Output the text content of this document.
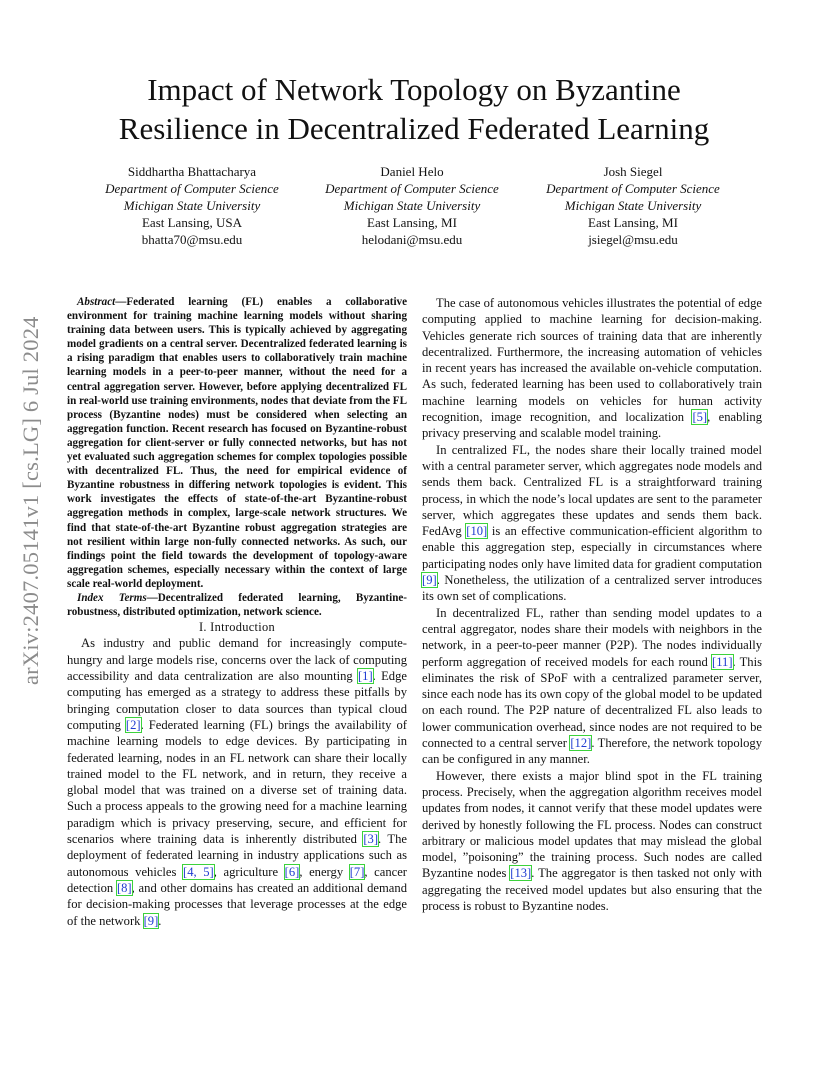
Impact of Network Topology on Byzantine
Resilience in Decentralized Federated Learning
Siddhartha Bhattacharya
Department of Computer Science
Michigan State University
East Lansing, USA
bhatta70@msu.edu
Daniel Helo
Department of Computer Science
Michigan State University
East Lansing, MI
helodani@msu.edu
Josh Siegel
Department of Computer Science
Michigan State University
East Lansing, MI
jsiegel@msu.edu
arXiv:2407.05141v1 [cs.LG] 6 Jul 2024

Abstract—Federated learning (FL) enables a collaborative environment for training machine learning models without sharing training data between users. This is typically achieved by aggregating model gradients on a central server. Decentralized federated learning is a rising paradigm that enables users to collaboratively train machine learning models in a peer-to-peer manner, without the need for a central aggregation server. However, before applying decentralized FL in real-world use training environments, nodes that deviate from the FL process (Byzantine nodes) must be considered when selecting an aggregation function. Recent research has focused on Byzantine-robust aggregation for client-server or fully connected networks, but has not yet evaluated such aggregation schemes for complex topologies possible with decentralized FL. Thus, the need for empirical evidence of Byzantine robustness in differing network topologies is evident. This work investigates the effects of state-of-the-art Byzantine-robust aggregation methods in complex, large-scale network structures. We find that state-of-the-art Byzantine robust aggregation strategies are not resilient within large non-fully connected networks. As such, our findings point the field towards the development of topology-aware aggregation schemes, especially necessary within the context of large scale real-world deployment.

Index Terms—Decentralized federated learning, Byzantine-robustness, distributed optimization, network science.

I. Introduction

As industry and public demand for increasingly compute-hungry and large models rise, concerns over the lack of computing accessibility and data centralization are also mounting [1]. Edge computing has emerged as a strategy to address these pitfalls by bringing computation closer to data sources than typical cloud computing [2]. Federated learning (FL) brings the availability of machine learning models to edge devices. By participating in federated learning, nodes in an FL network can share their locally trained model to the FL network, and in return, they receive a global model that was trained on a diverse set of training data. Such a process appeals to the growing need for a machine learning paradigm which is privacy preserving, secure, and efficient for scenarios where training data is inherently distributed [3]. The deployment of federated learning in industry applications such as autonomous vehicles [4, 5], agriculture [6], energy [7], cancer detection [8], and other domains has created an additional demand for decision-making processes that leverage processes at the edge of the network [9].

The case of autonomous vehicles illustrates the potential of edge computing applied to machine learning for decision-making. Vehicles generate rich sources of training data that are inherently decentralized. Furthermore, the increasing automation of vehicles in recent years has increased the available on-vehicle computation. As such, federated learning has been used to collaboratively train machine learning models on vehicles for human activity recognition, image recognition, and localization [5], enabling privacy preserving and scalable model training.

In centralized FL, the nodes share their locally trained model with a central parameter server, which aggregates node models and sends them back. Centralized FL is a straightforward training process, in which the node’s local updates are sent to the parameter server, which aggregates these updates and sends them back. FedAvg [10] is an effective communication-efficient algorithm to enable this aggregation step, especially in circumstances where participating nodes only have limited data for gradient computation [9]. Nonetheless, the utilization of a centralized server introduces its own set of complications.

In decentralized FL, rather than sending model updates to a central aggregator, nodes share their models with neighbors in the network, in a peer-to-peer manner (P2P). The nodes individually perform aggregation of received models for each round [11]. This eliminates the risk of SPoF with a centralized parameter server, since each node has its own copy of the global model to be updated on each round. The P2P nature of decentralized FL also leads to lower communication overhead, since nodes are not required to be connected to a central server [12]. Therefore, the network topology can be configured in any manner.

However, there exists a major blind spot in the FL training process. Precisely, when the aggregation algorithm receives model updates from nodes, it cannot verify that these model updates were derived by honestly following the FL process. Nodes can construct arbitrary or malicious model updates that may mislead the global model, ”poisoning” the training process. Such nodes are called Byzantine nodes [13]. The aggregator is then tasked not only with aggregating the received model updates but also ensuring that the process is robust to Byzantine nodes.
